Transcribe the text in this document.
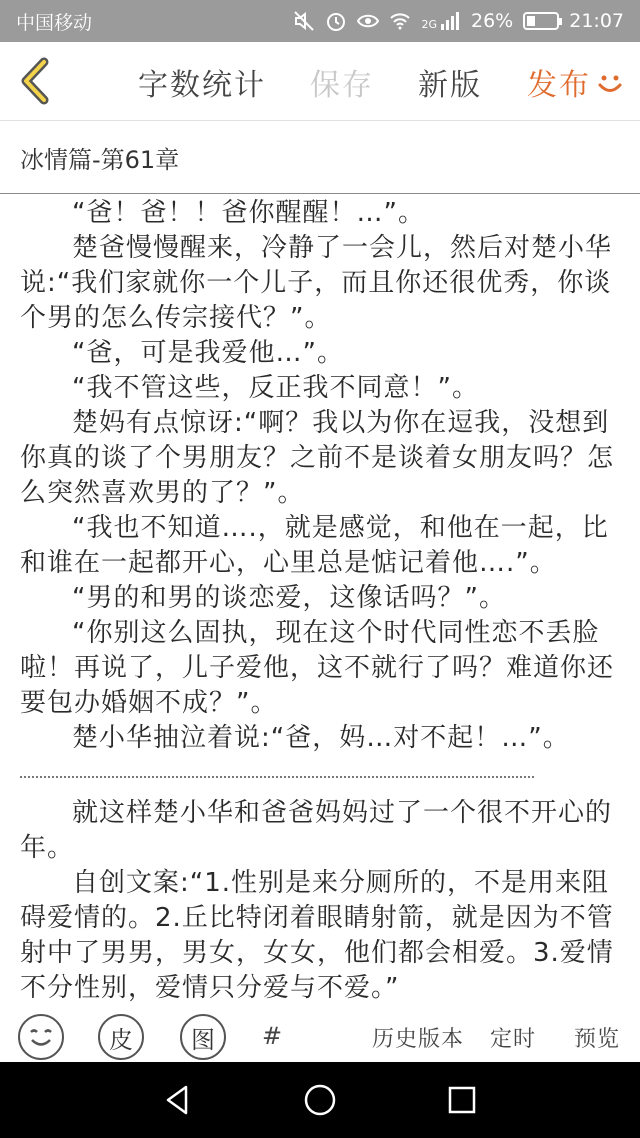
中国移动	2G 26%	21:07
字数统计 保存 新版 发布
冰情篇-第61章

“爸！爸！！爸你醒醒！…”。

楚爸慢慢醒来，冷静了一会儿，然后对楚小华说:“我们家就你一个儿子，而且你还很优秀，你谈个男的怎么传宗接代？”。

“爸，可是我爱他…”。

“我不管这些，反正我不同意！”。

楚妈有点惊讶:“啊？我以为你在逗我，没想到你真的谈了个男朋友？之前不是谈着女朋友吗？怎么突然喜欢男的了？”。

“我也不知道….，就是感觉，和他在一起，比和谁在一起都开心，心里总是惦记着他….”。

“男的和男的谈恋爱，这像话吗？”。

“你别这么固执，现在这个时代同性恋不丢脸啦！再说了，儿子爱他，这不就行了吗？难道你还要包办婚姻不成？”。

楚小华抽泣着说:“爸，妈…对不起！…”。

就这样楚小华和爸爸妈妈过了一个很不开心的年。

自创文案:“1.性别是来分厕所的，不是用来阻碍爱情的。2.丘比特闭着眼睛射箭，就是因为不管射中了男男，男女，女女，他们都会相爱。3.爱情不分性别，爱情只分爱与不爱。”

皮 图 #	历史版本 定时 预览
